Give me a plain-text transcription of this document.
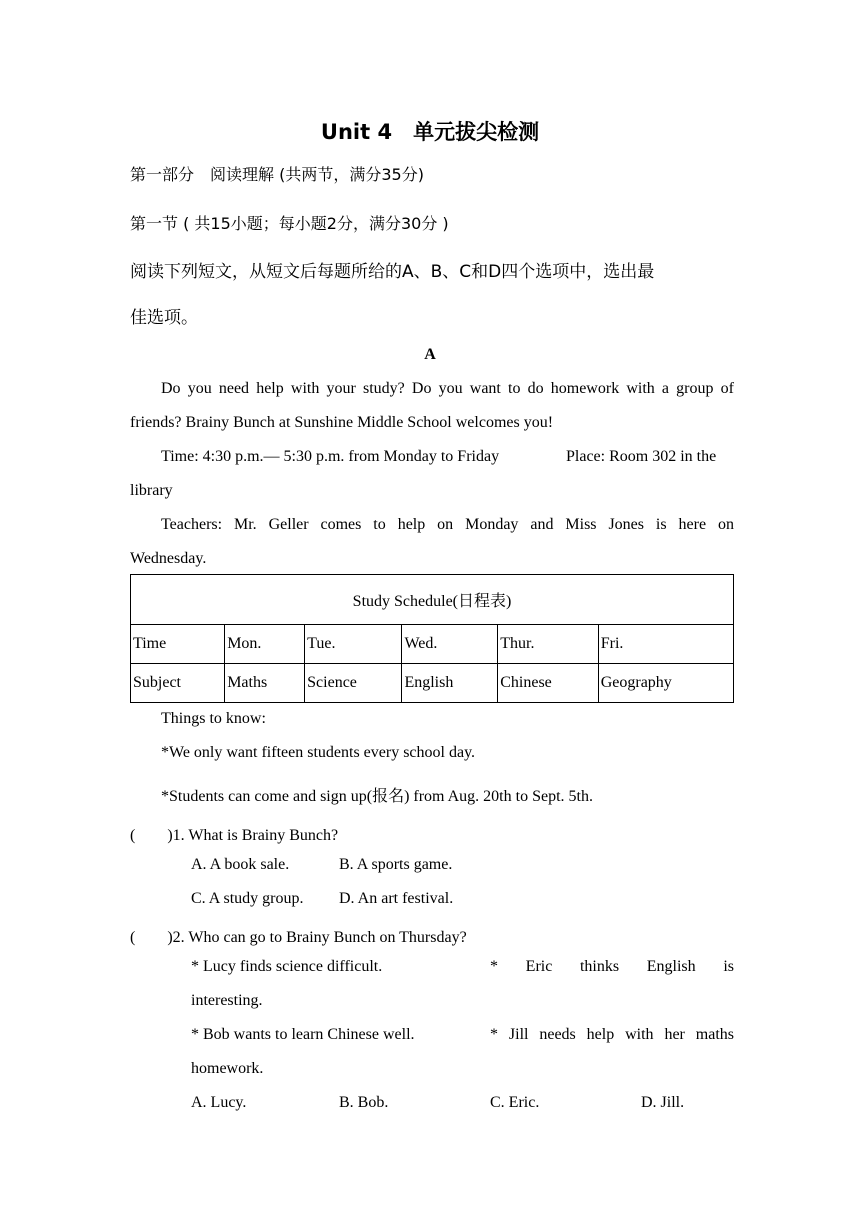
Unit 4　单元拔尖检测
第一部分　阅读理解 (共两节，满分35分)
第一节 ( 共15小题；每小题2分，满分30分 )
阅读下列短文，从短文后每题所给的A、B、C和D四个选项中，选出最
佳选项。
A
Do you need help with your study? Do you want to do homework with a group of
friends? Brainy Bunch at Sunshine Middle School welcomes you!
Time: 4:30 p.m.— 5:30 p.m. from Monday to Friday	Place: Room 302 in the
library
Teachers: Mr. Geller comes to help on Monday and Miss Jones is here on
Wednesday.
Study Schedule(日程表)					
Time	Mon.	Tue.	Wed.	Thur.	Fri.
Subject	Maths	Science	English	Chinese	Geography
Things to know:
*We only want fifteen students every school day.
*Students can come and sign up(报名) from Aug. 20th to Sept. 5th.
(　　)1. What is Brainy Bunch?
A. A book sale.	B. A sports game.
C. A study group. D. An art festival.
(　　)2. Who can go to Brainy Bunch on Thursday?
* Lucy finds science difficult.	* Eric thinks English is
interesting.
* Bob wants to learn Chinese well.	* Jill needs help with her maths
homework.
A. Lucy.	B. Bob.	C. Eric.	D. Jill.
